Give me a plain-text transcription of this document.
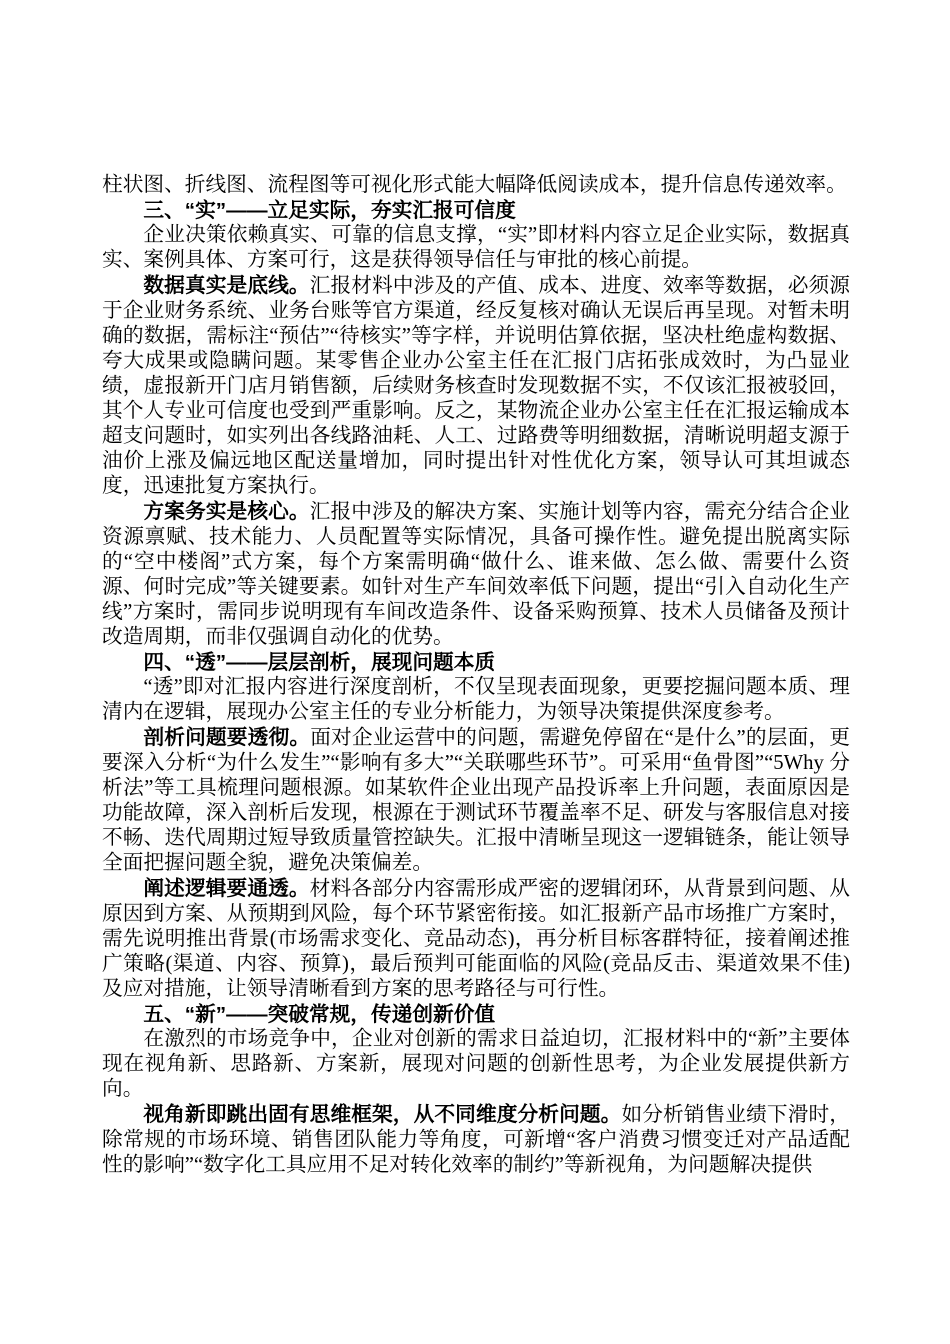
柱状图、折线图、流程图等可视化形式能大幅降低阅读成本，提升信息传递效率。

三、“实”——立足实际，夯实汇报可信度

企业决策依赖真实、可靠的信息支撑，“实”即材料内容立足企业实际，数据真实、案例具体、方案可行，这是获得领导信任与审批的核心前提。

数据真实是底线。汇报材料中涉及的产值、成本、进度、效率等数据，必须源于企业财务系统、业务台账等官方渠道，经反复核对确认无误后再呈现。对暂未明确的数据，需标注“预估”“待核实”等字样，并说明估算依据，坚决杜绝虚构数据、夸大成果或隐瞒问题。某零售企业办公室主任在汇报门店拓张成效时，为凸显业绩，虚报新开门店月销售额，后续财务核查时发现数据不实，不仅该汇报被驳回，其个人专业可信度也受到严重影响。反之，某物流企业办公室主任在汇报运输成本超支问题时，如实列出各线路油耗、人工、过路费等明细数据，清晰说明超支源于油价上涨及偏远地区配送量增加，同时提出针对性优化方案，领导认可其坦诚态度，迅速批复方案执行。

方案务实是核心。汇报中涉及的解决方案、实施计划等内容，需充分结合企业资源禀赋、技术能力、人员配置等实际情况，具备可操作性。避免提出脱离实际的“空中楼阁”式方案，每个方案需明确“做什么、谁来做、怎么做、需要什么资源、何时完成”等关键要素。如针对生产车间效率低下问题，提出“引入自动化生产线”方案时，需同步说明现有车间改造条件、设备采购预算、技术人员储备及预计改造周期，而非仅强调自动化的优势。

四、“透”——层层剖析，展现问题本质

“透”即对汇报内容进行深度剖析，不仅呈现表面现象，更要挖掘问题本质、理清内在逻辑，展现办公室主任的专业分析能力，为领导决策提供深度参考。

剖析问题要透彻。面对企业运营中的问题，需避免停留在“是什么”的层面，更要深入分析“为什么发生”“影响有多大”“关联哪些环节”。可采用“鱼骨图”“5Why 分析法”等工具梳理问题根源。如某软件企业出现产品投诉率上升问题，表面原因是功能故障，深入剖析后发现，根源在于测试环节覆盖率不足、研发与客服信息对接不畅、迭代周期过短导致质量管控缺失。汇报中清晰呈现这一逻辑链条，能让领导全面把握问题全貌，避免决策偏差。

阐述逻辑要通透。材料各部分内容需形成严密的逻辑闭环，从背景到问题、从原因到方案、从预期到风险，每个环节紧密衔接。如汇报新产品市场推广方案时，需先说明推出背景(市场需求变化、竞品动态)，再分析目标客群特征，接着阐述推广策略(渠道、内容、预算)，最后预判可能面临的风险(竞品反击、渠道效果不佳)及应对措施，让领导清晰看到方案的思考路径与可行性。

五、“新”——突破常规，传递创新价值

在激烈的市场竞争中，企业对创新的需求日益迫切，汇报材料中的“新”主要体现在视角新、思路新、方案新，展现对问题的创新性思考，为企业发展提供新方向。

视角新即跳出固有思维框架，从不同维度分析问题。如分析销售业绩下滑时，除常规的市场环境、销售团队能力等角度，可新增“客户消费习惯变迁对产品适配性的影响”“数字化工具应用不足对转化效率的制约”等新视角，为问题解决提供
